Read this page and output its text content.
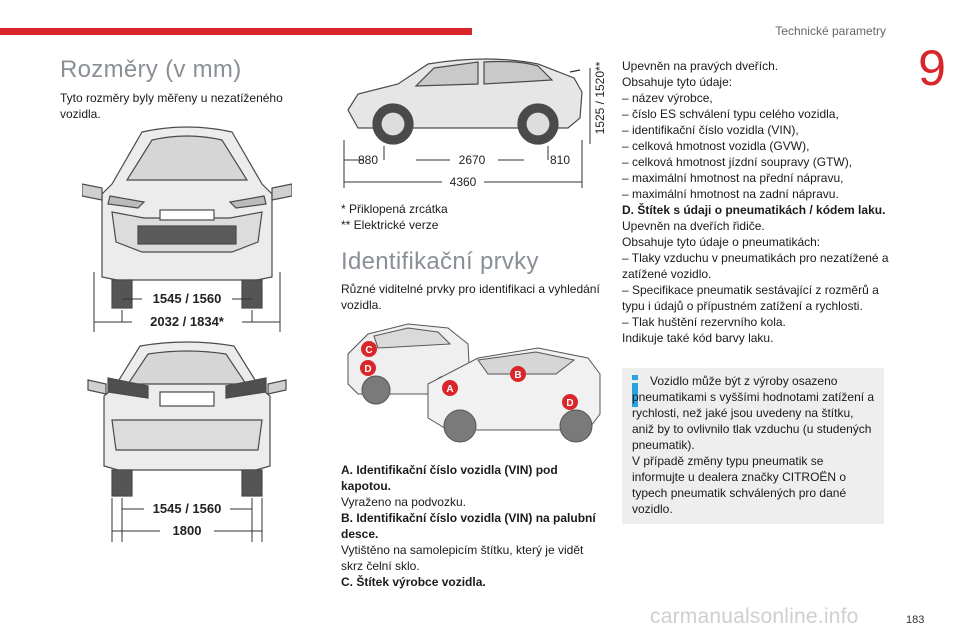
Technické parametry
9
Rozměry (v mm)
Tyto rozměry byly měřeny u nezatíženého vozidla.
1545 / 1560
2032 / 1834*
1545 / 1560
1800
1525 / 1520**
880	2670	810
4360
* Přiklopená zrcátka
** Elektrické verze
Identifikační prvky
Různé viditelné prvky pro identifikaci a vyhledání vozidla.
C
D
A
B
D
A. Identifikační číslo vozidla (VIN) pod kapotou.
Vyraženo na podvozku.
B. Identifikační číslo vozidla (VIN) na palubní desce.
Vytištěno na samolepicím štítku, který je vidět skrz čelní sklo.
C. Štítek výrobce vozidla.
Upevněn na pravých dveřích.
Obsahuje tyto údaje:
– název výrobce,
– číslo ES schválení typu celého vozidla,
– identifikační číslo vozidla (VIN),
– celková hmotnost vozidla (GVW),
– celková hmotnost jízdní soupravy (GTW),
– maximální hmotnost na přední nápravu,
– maximální hmotnost na zadní nápravu.
D. Štítek s údaji o pneumatikách / kódem laku.
Upevněn na dveřích řidiče.
Obsahuje tyto údaje o pneumatikách:
– Tlaky vzduchu v pneumatikách pro nezatížené a zatížené vozidlo.
– Specifikace pneumatik sestávající z rozměrů a typu i údajů o přípustném zatížení a rychlosti.
– Tlak huštění rezervního kola.
Indikuje také kód barvy laku.
Vozidlo může být z výroby osazeno pneumatikami s vyššími hodnotami zatížení a rychlosti, než jaké jsou uvedeny na štítku, aniž by to ovlivnilo tlak vzduchu (u studených pneumatik).
V případě změny typu pneumatik se informujte u dealera značky CITROËN o typech pneumatik schválených pro dané vozidlo.
carmanualsonline.info	183
